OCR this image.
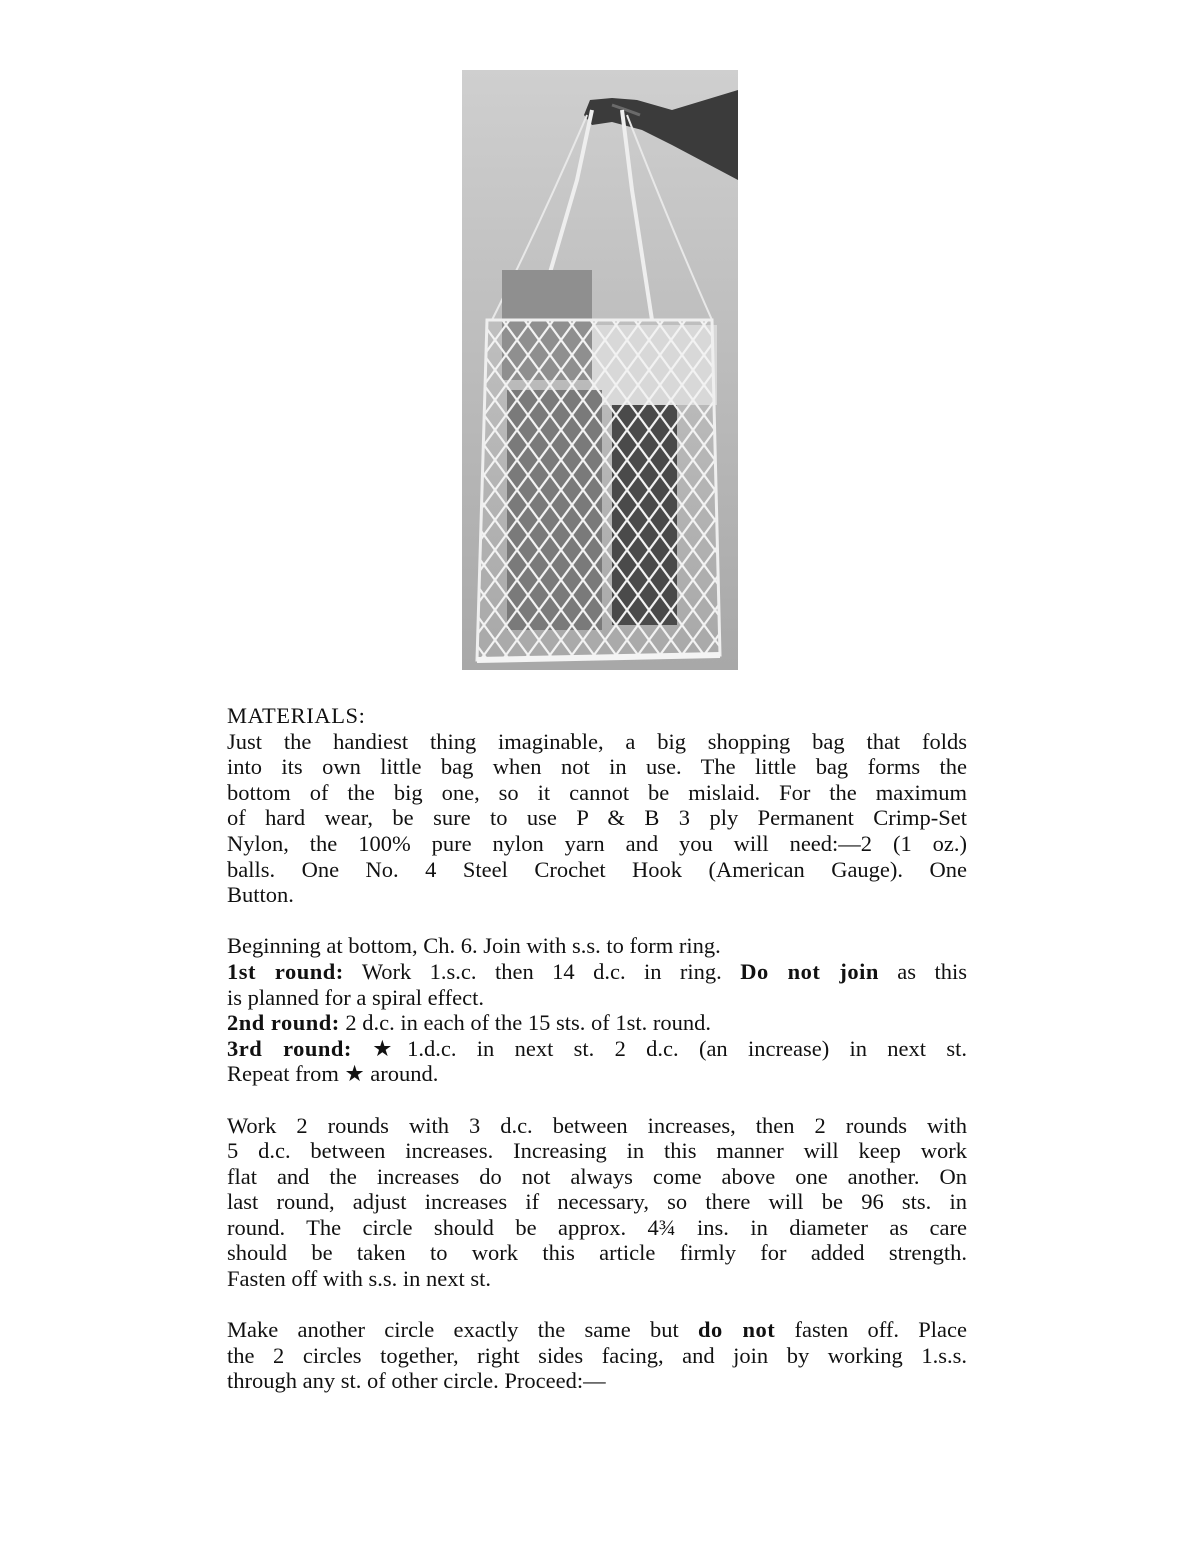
MATERIALS:
Just the handiest thing imaginable, a big shopping bag that folds
into its own little bag when not in use. The little bag forms the
bottom of the big one, so it cannot be mislaid. For the maximum
of hard wear, be sure to use P & B 3 ply Permanent Crimp-Set
Nylon, the 100% pure nylon yarn and you will need:—2 (1 oz.)
balls. One No. 4 Steel Crochet Hook (American Gauge). One
Button.
Beginning at bottom, Ch. 6. Join with s.s. to form ring.
1st round: Work 1.s.c. then 14 d.c. in ring. Do not join as this
is planned for a spiral effect.
2nd round: 2 d.c. in each of the 15 sts. of 1st. round.
3rd round: ★1.d.c. in next st. 2 d.c. (an increase) in next st.
Repeat from ★ around.
Work 2 rounds with 3 d.c. between increases, then 2 rounds with
5 d.c. between increases. Increasing in this manner will keep work
flat and the increases do not always come above one another. On
last round, adjust increases if necessary, so there will be 96 sts. in
round. The circle should be approx. 4¾ ins. in diameter as care
should be taken to work this article firmly for added strength.
Fasten off with s.s. in next st.
Make another circle exactly the same but do not fasten off. Place
the 2 circles together, right sides facing, and join by working 1.s.s.
through any st. of other circle. Proceed:—
